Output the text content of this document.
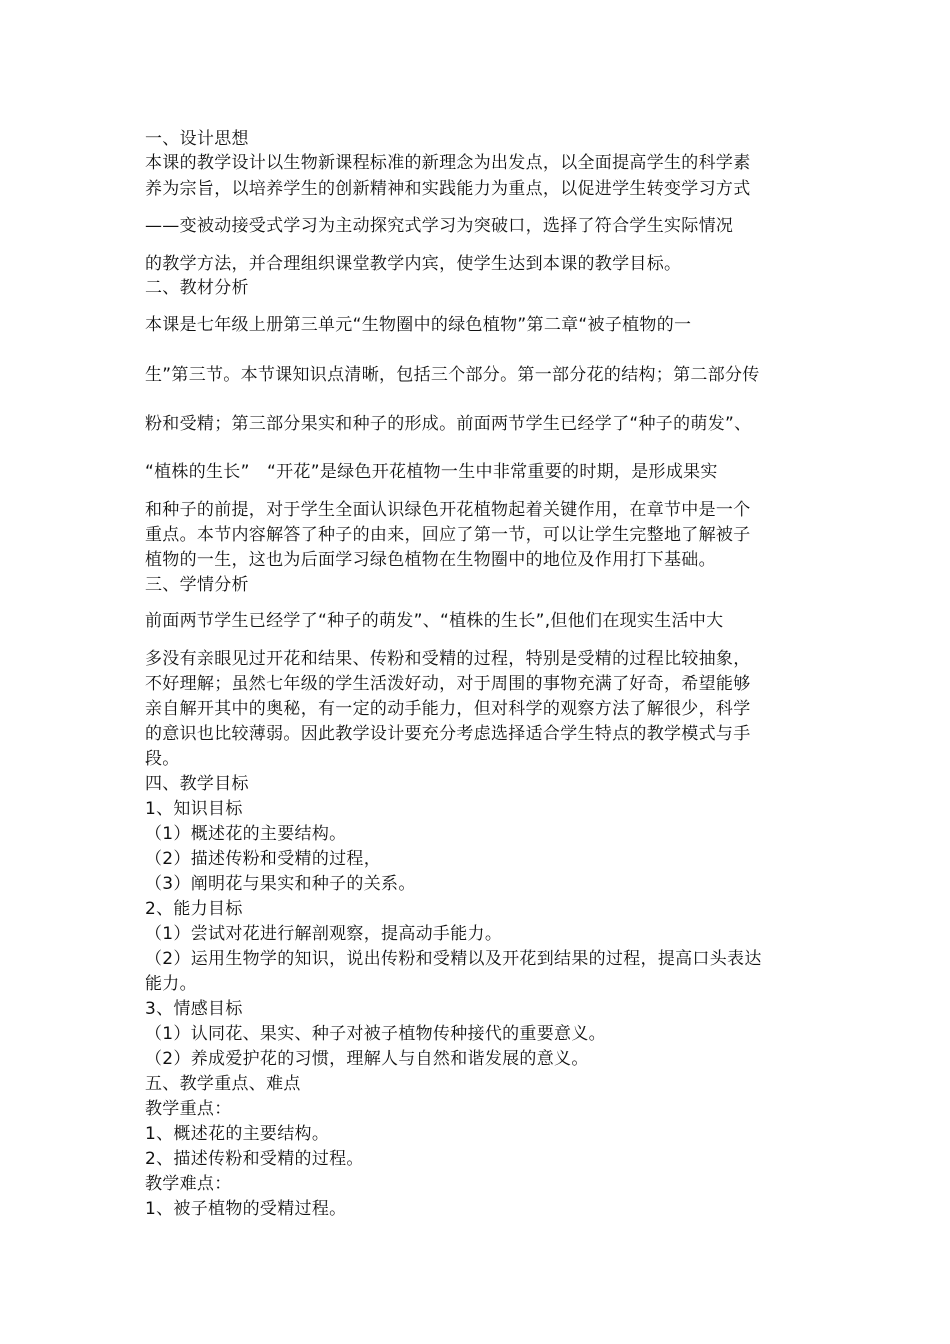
一、设计思想
本课的教学设计以生物新课程标准的新理念为出发点，以全面提高学生的科学素
养为宗旨，以培养学生的创新精神和实践能力为重点，以促进学生转变学习方式
——变被动接受式学习为主动探究式学习为突破口，选择了符合学生实际情况
的教学方法，并合理组织课堂教学内宾，使学生达到本课的教学目标。
二、教材分析
本课是七年级上册第三单元“生物圈中的绿色植物”第二章“被子植物的一
生”第三节。本节课知识点清晰，包括三个部分。第一部分花的结构；第二部分传
粉和受精；第三部分果实和种子的形成。前面两节学生已经学了“种子的萌发”、
“植株的生长”　“开花”是绿色开花植物一生中非常重要的时期，是形成果实
和种子的前提，对于学生全面认识绿色开花植物起着关键作用，在章节中是一个
重点。本节内容解答了种子的由来，回应了第一节，可以让学生完整地了解被子
植物的一生，这也为后面学习绿色植物在生物圈中的地位及作用打下基础。
三、学情分析
前面两节学生已经学了“种子的萌发”、“植株的生长”,但他们在现实生活中大
多没有亲眼见过开花和结果、传粉和受精的过程，特别是受精的过程比较抽象，
不好理解；虽然七年级的学生活泼好动，对于周围的事物充满了好奇，希望能够
亲自解开其中的奥秘，有一定的动手能力，但对科学的观察方法了解很少，科学
的意识也比较薄弱。因此教学设计要充分考虑选择适合学生特点的教学模式与手
段。
四、教学目标
1、知识目标
（1）概述花的主要结构。
（2）描述传粉和受精的过程，
（3）阐明花与果实和种子的关系。
2、能力目标
（1）尝试对花进行解剖观察，提高动手能力。
（2）运用生物学的知识，说出传粉和受精以及开花到结果的过程，提高口头表达
能力。
3、情感目标
（1）认同花、果实、种子对被子植物传种接代的重要意义。
（2）养成爱护花的习惯，理解人与自然和谐发展的意义。
五、教学重点、难点
教学重点：
1、概述花的主要结构。
2、描述传粉和受精的过程。
教学难点：
1、被子植物的受精过程。
